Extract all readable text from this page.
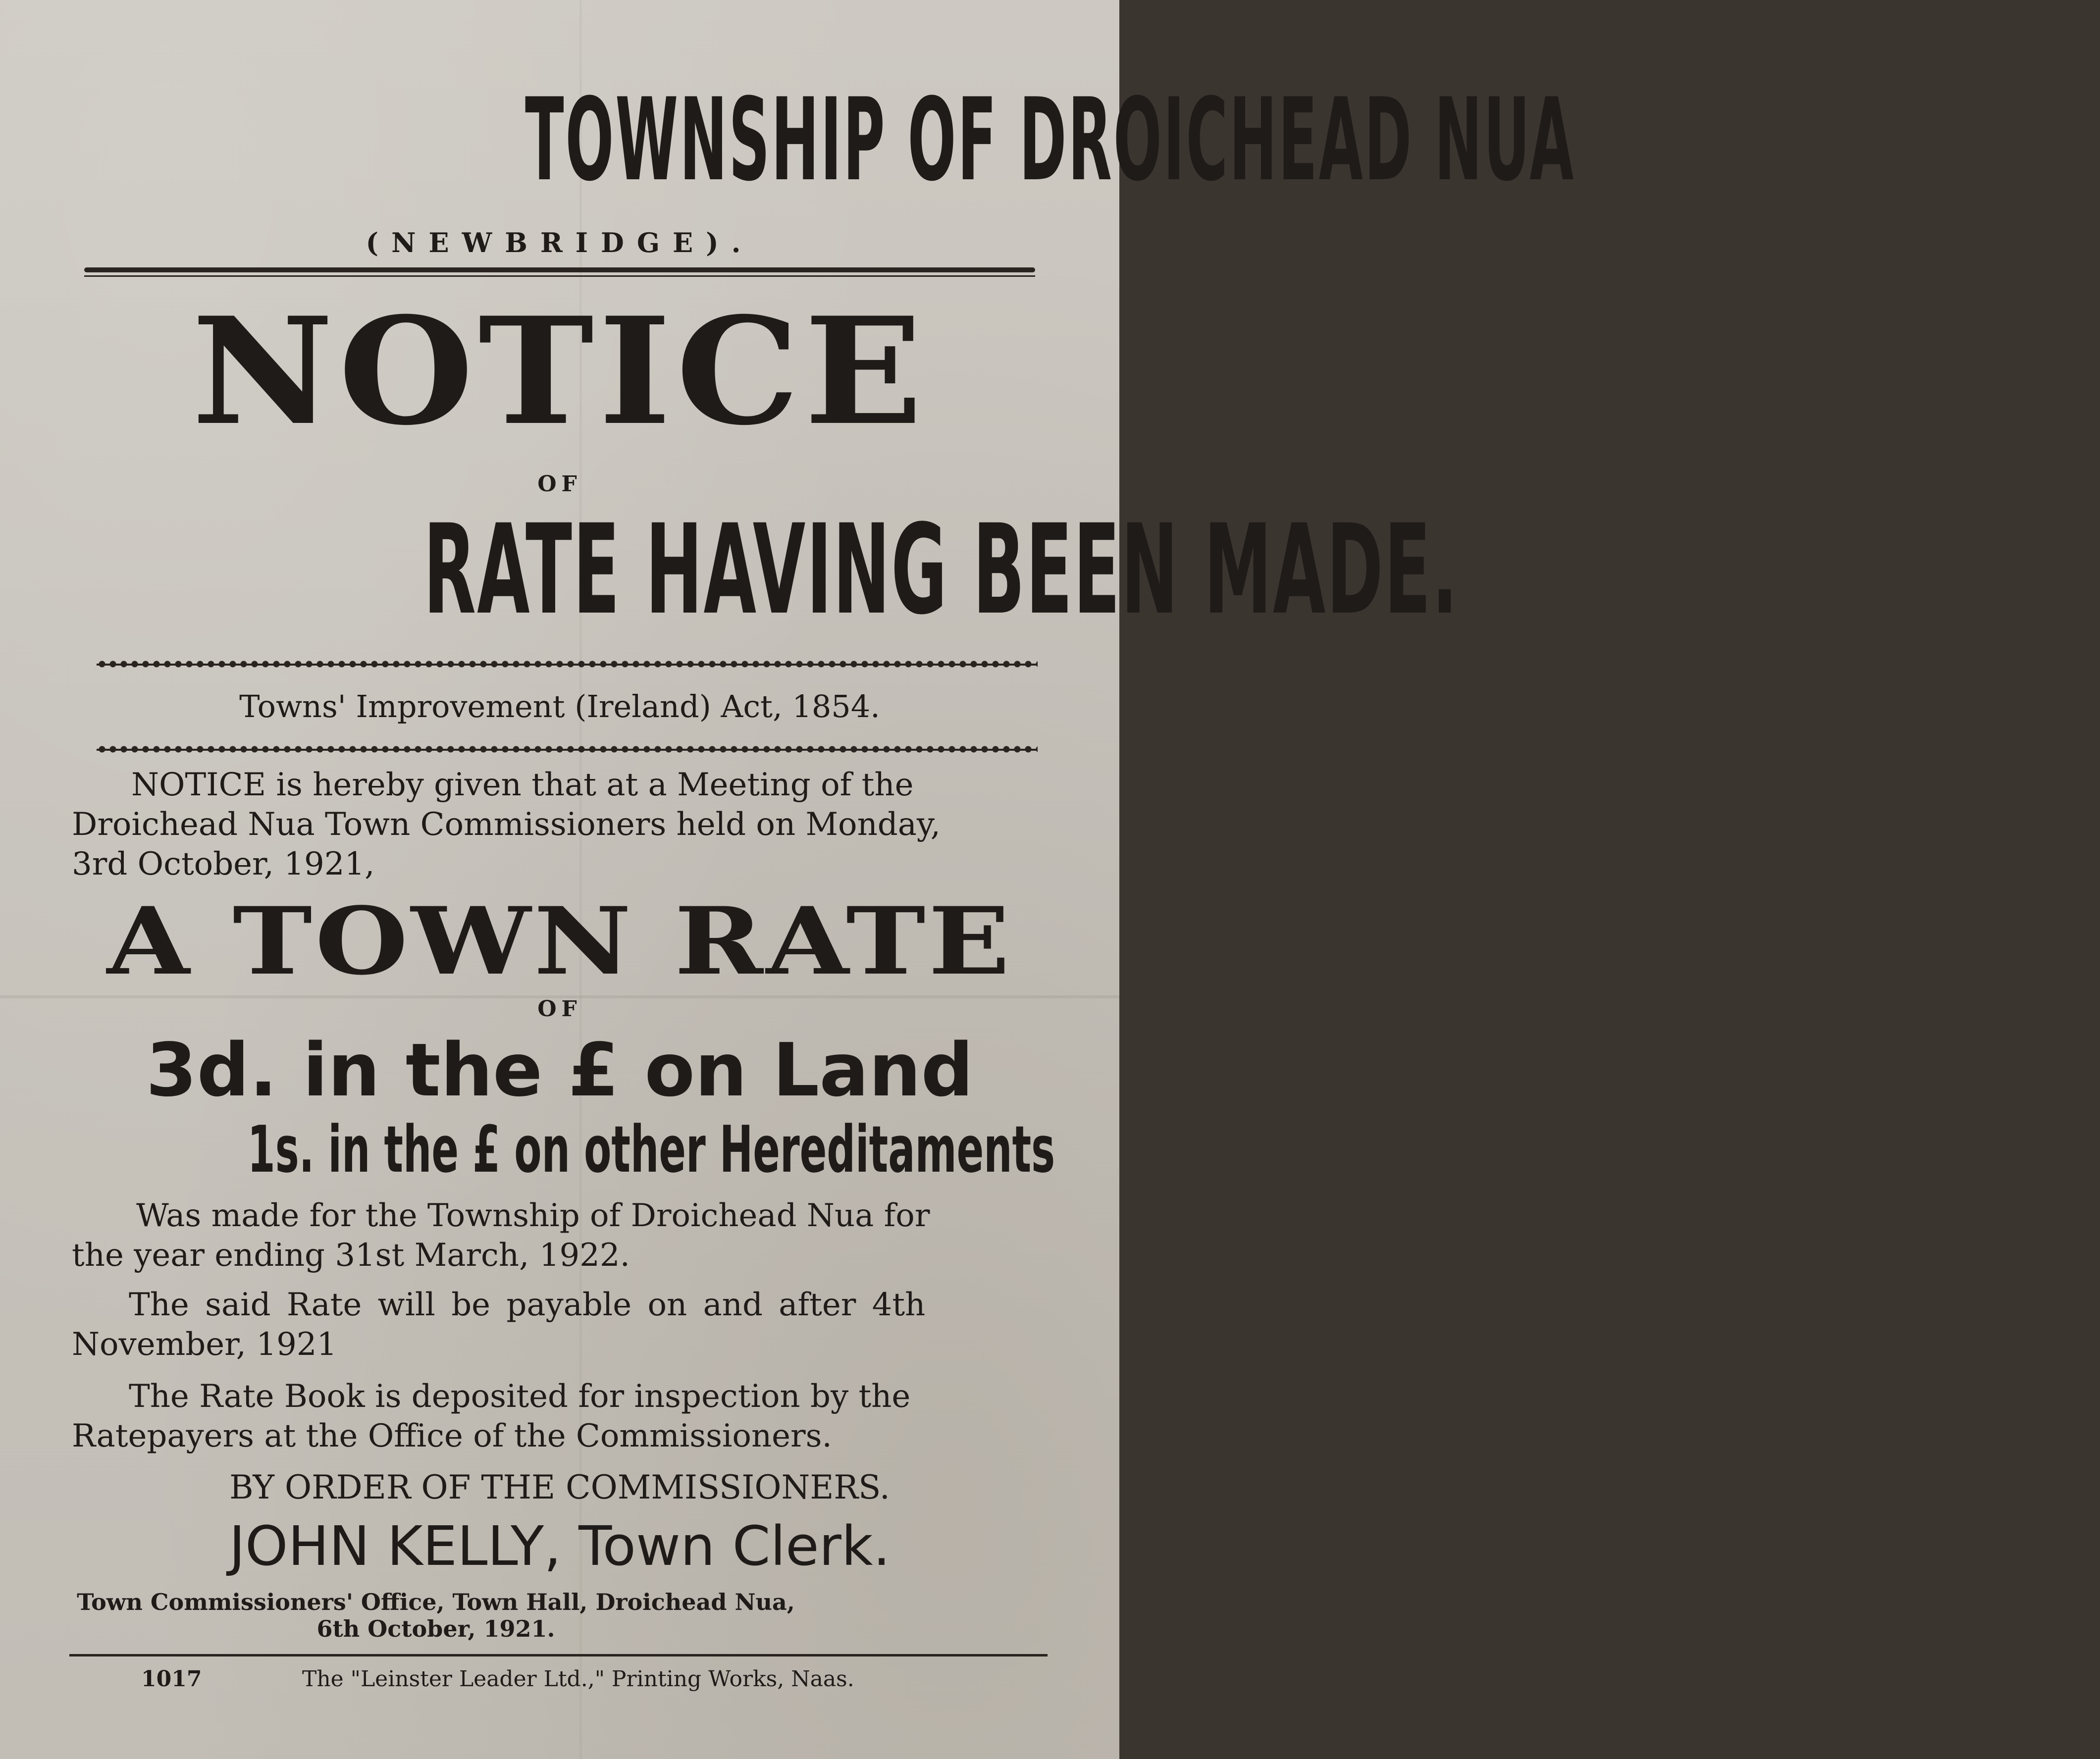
TOWNSHIP OF DROICHEAD NUA
(NEWBRIDGE).
NOTICE
OF
RATE HAVING BEEN MADE.
Towns' Improvement (Ireland) Act, 1854.
NOTICE is hereby given that at a Meeting of the
Droichead Nua Town Commissioners held on Monday,
3rd October, 1921,
A TOWN RATE
OF
3d. in the £ on Land
1s. in the £ on other Hereditaments
Was made for the Township of Droichead Nua for
the year ending 31st March, 1922.
The said Rate will be payable on and after 4th
November, 1921
The Rate Book is deposited for inspection by the
Ratepayers at the Office of the Commissioners.
BY ORDER OF THE COMMISSIONERS.
JOHN KELLY, Town Clerk.
Town Commissioners' Office, Town Hall, Droichead Nua,
6th October, 1921.
1017	The "Leinster Leader Ltd.," Printing Works, Naas.
